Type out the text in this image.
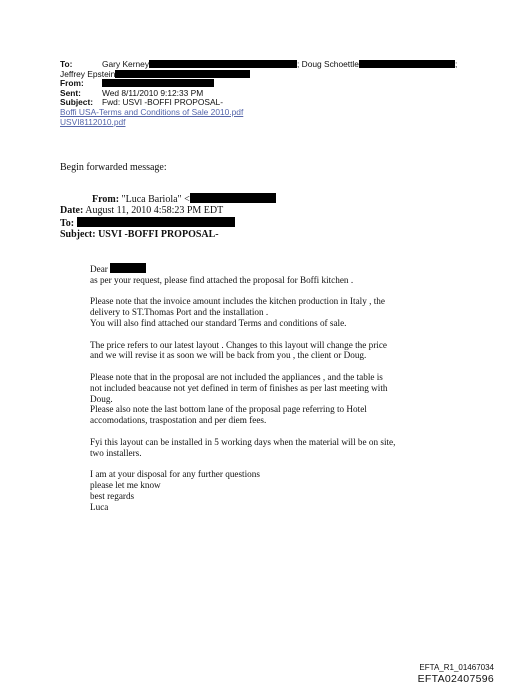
To:	Gary Kerney	; Doug Schoettle	;
Jeffrey Epstein
From:
Sent:	Wed 8/11/2010 9:12:33 PM
Subject: Fwd: USVI -BOFFI PROPOSAL-
Boffi USA-Terms and Conditions of Sale 2010.pdf
USVI8112010.pdf
Begin forwarded message:
From: "Luca Bariola" <
Date: August 11, 2010 4:58:23 PM EDT
To:
Subject: USVI -BOFFI PROPOSAL-
Dear

as per your request, please find attached the proposal for Boffi kitchen .

Please note that the invoice amount includes the kitchen production in Italy , the
delivery to ST.Thomas Port and the installation .
You will also find attached our standard Terms and conditions of sale.

The price refers to our latest layout . Changes to this layout will change the price
and we will revise it as soon we will be back from you , the client or Doug.

Please note that in the proposal are not included the appliances , and the table is
not included beacause not yet defined in term of finishes as per last meeting with
Doug.
Please also note the last bottom lane of the proposal page referring to Hotel
accomodations, traspostation and per diem fees.

Fyi this layout can be installed in 5 working days when the material will be on site,
two installers.

I am at your disposal for any further questions
please let me know
best regards
Luca

EFTA_R1_01467034
EFTA02407596
